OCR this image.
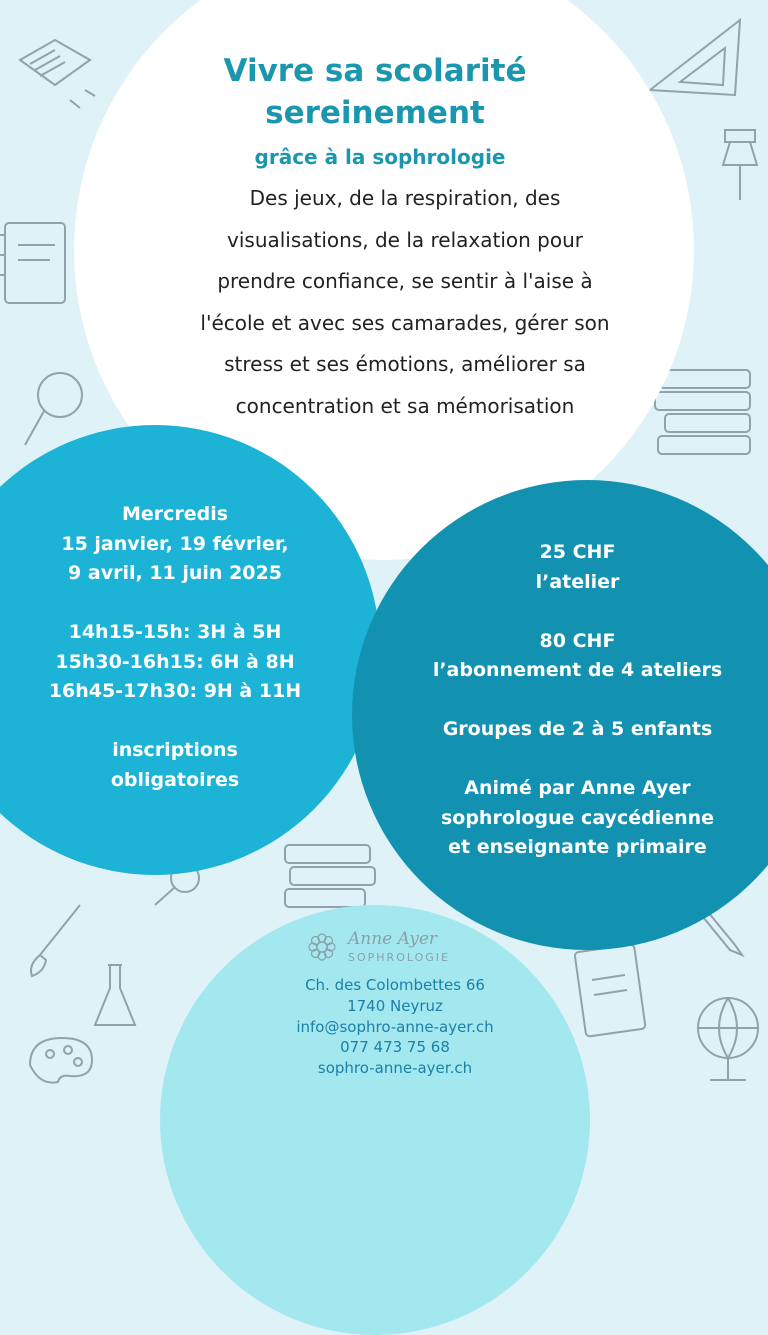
Vivre sa scolarité
sereinement
grâce à la sophrologie
Des jeux, de la respiration, des
visualisations, de la relaxation pour
prendre confiance, se sentir à l'aise à
l'école et avec ses camarades, gérer son
stress et ses émotions, améliorer sa
concentration et sa mémorisation
Mercredis
15 janvier, 19 février,
9 avril, 11 juin 2025
14h15-15h: 3H à 5H
15h30-16h15: 6H à 8H
16h45-17h30: 9H à 11H
inscriptions
obligatoires
25 CHF
l’atelier
80 CHF
l’abonnement de 4 ateliers
Groupes de 2 à 5 enfants
Animé par Anne Ayer
sophrologue caycédienne
et enseignante primaire
Anne Ayer
SOPHROLOGIE
Ch. des Colombettes 66
1740 Neyruz
info@sophro-anne-ayer.ch
077 473 75 68
sophro-anne-ayer.ch
